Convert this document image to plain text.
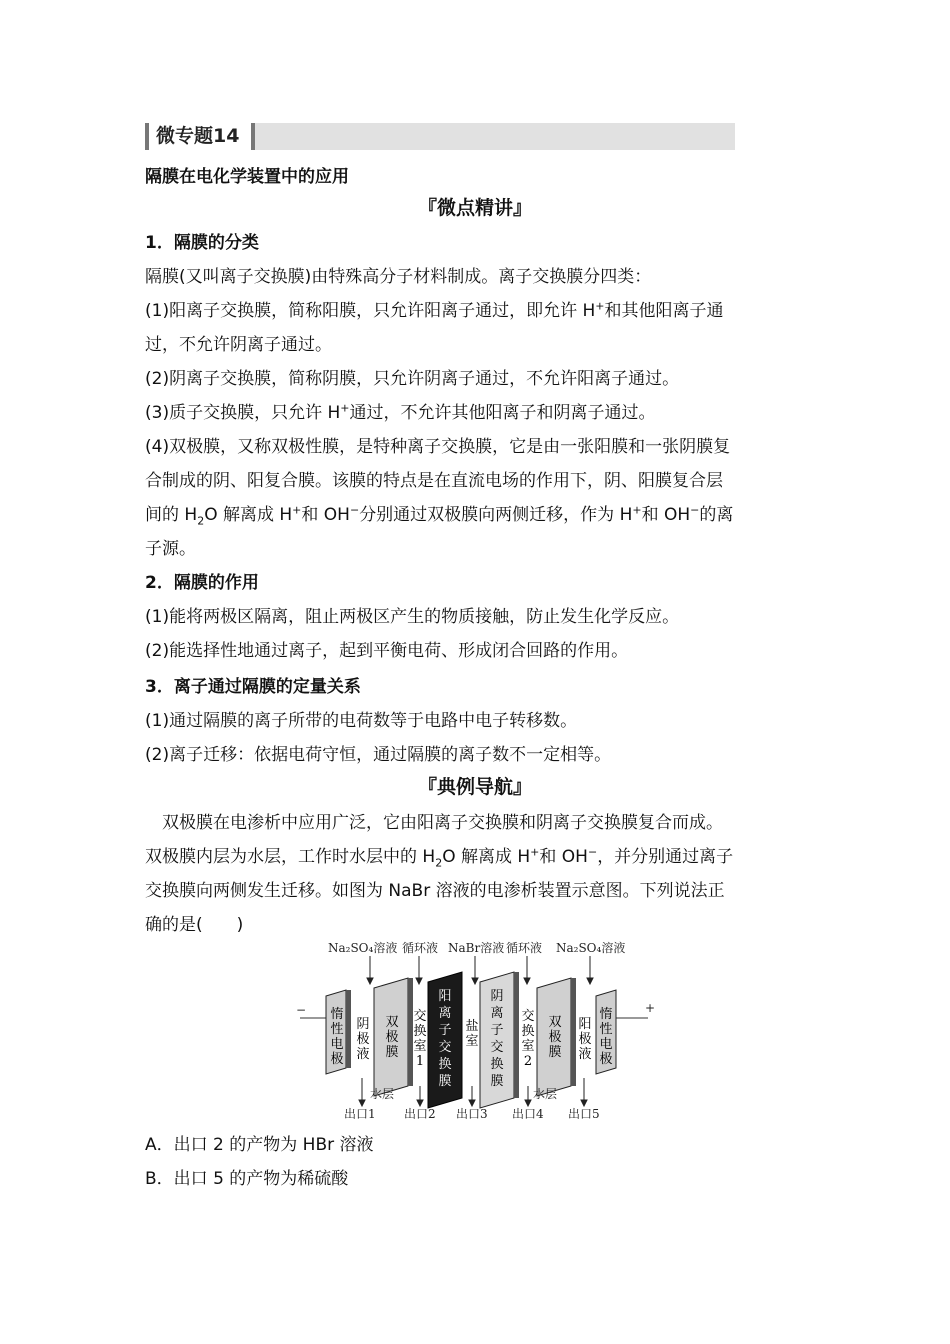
微专题14
隔膜在电化学装置中的应用
『微点精讲』
1．隔膜的分类
隔膜(又叫离子交换膜)由特殊高分子材料制成。离子交换膜分四类：
(1)阳离子交换膜，简称阳膜，只允许阳离子通过，即允许 H+和其他阳离子通
过，不允许阴离子通过。
(2)阴离子交换膜，简称阴膜，只允许阴离子通过，不允许阳离子通过。
(3)质子交换膜，只允许 H+通过，不允许其他阳离子和阴离子通过。
(4)双极膜，又称双极性膜，是特种离子交换膜，它是由一张阳膜和一张阴膜复
合制成的阴、阳复合膜。该膜的特点是在直流电场的作用下，阴、阳膜复合层
间的 $H_2O$ 解离成 H+和 OH−分别通过双极膜向两侧迁移，作为 H+和 OH−的离
子源。
2．隔膜的作用
(1)能将两极区隔离，阻止两极区产生的物质接触，防止发生化学反应。
(2)能选择性地通过离子，起到平衡电荷、形成闭合回路的作用。
3．离子通过隔膜的定量关系
(1)通过隔膜的离子所带的电荷数等于电路中电子转移数。
(2)离子迁移：依据电荷守恒，通过隔膜的离子数不一定相等。
『典例导航』
双极膜在电渗析中应用广泛，它由阳离子交换膜和阴离子交换膜复合而成。
双极膜内层为水层，工作时水层中的 $H_2O$ 解离成 H+和 OH−，并分别通过离子
交换膜向两侧发生迁移。如图为 NaBr 溶液的电渗析装置示意图。下列说法正
确的是(　　)
−	+
Na₂SO₄溶液 循环液 NaBr溶液 循环液 Na₂SO₄溶液
惰
性
电
极
阴
极
液
双
极
膜
交
换
室
1
阳
离
子
交
换
膜
盐
室
阴
离
子
交
换
膜
交
换
室
2
双
极
膜
阳
极
液
惰
性
电
极
水层	水层
出口1 出口2 出口3 出口4 出口5
A．出口 2 的产物为 HBr 溶液
B．出口 5 的产物为稀硫酸
